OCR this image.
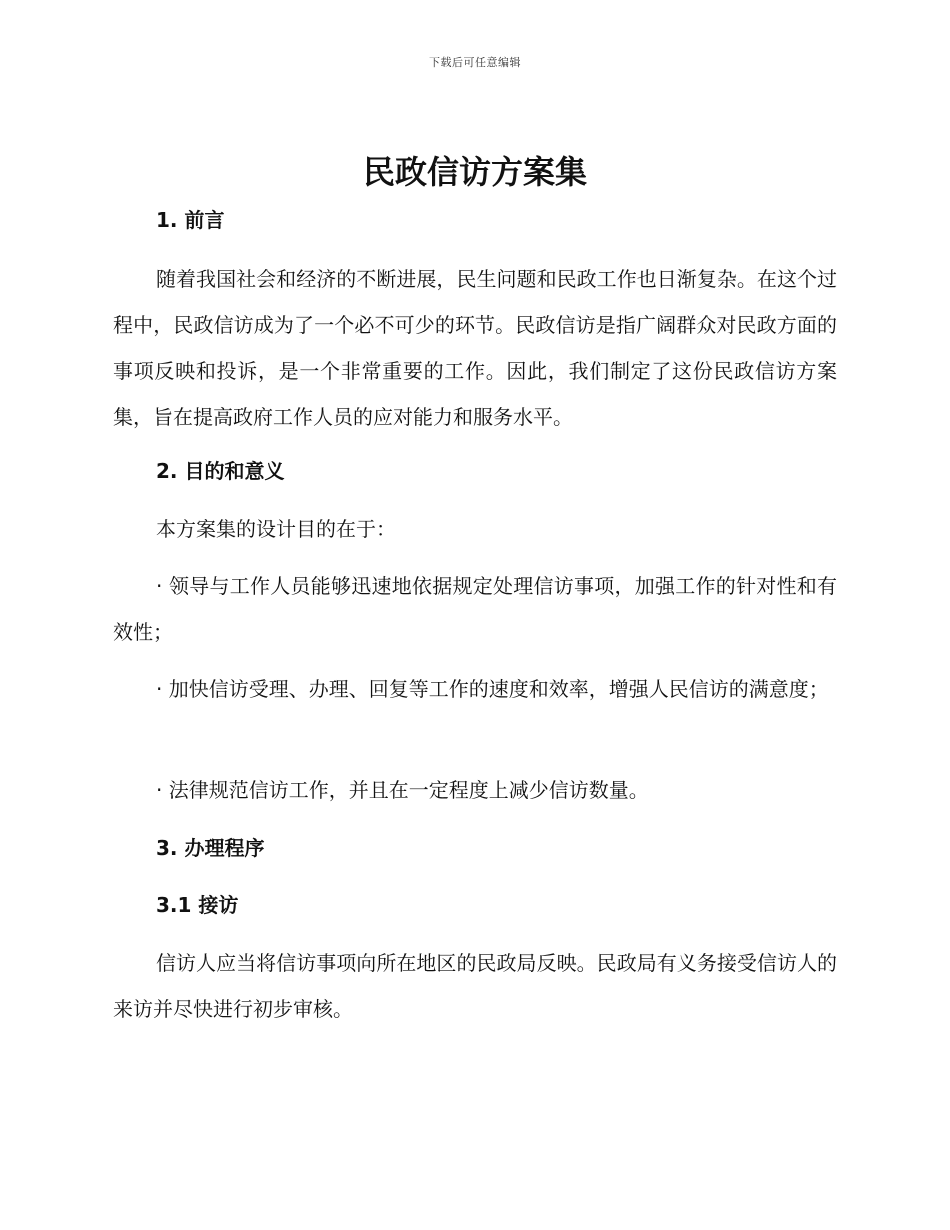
下载后可任意编辑
民政信访方案集
1. 前言

随着我国社会和经济的不断进展，民生问题和民政工作也日渐复杂。在这个过程中，民政信访成为了一个必不可少的环节。民政信访是指广阔群众对民政方面的事项反映和投诉，是一个非常重要的工作。因此，我们制定了这份民政信访方案集，旨在提高政府工作人员的应对能力和服务水平。

2. 目的和意义

本方案集的设计目的在于：

· 领导与工作人员能够迅速地依据规定处理信访事项，加强工作的针对性和有效性；

· 加快信访受理、办理、回复等工作的速度和效率，增强人民信访的满意度；

· 法律规范信访工作，并且在一定程度上减少信访数量。

3. 办理程序
3.1 接访

信访人应当将信访事项向所在地区的民政局反映。民政局有义务接受信访人的来访并尽快进行初步审核。
